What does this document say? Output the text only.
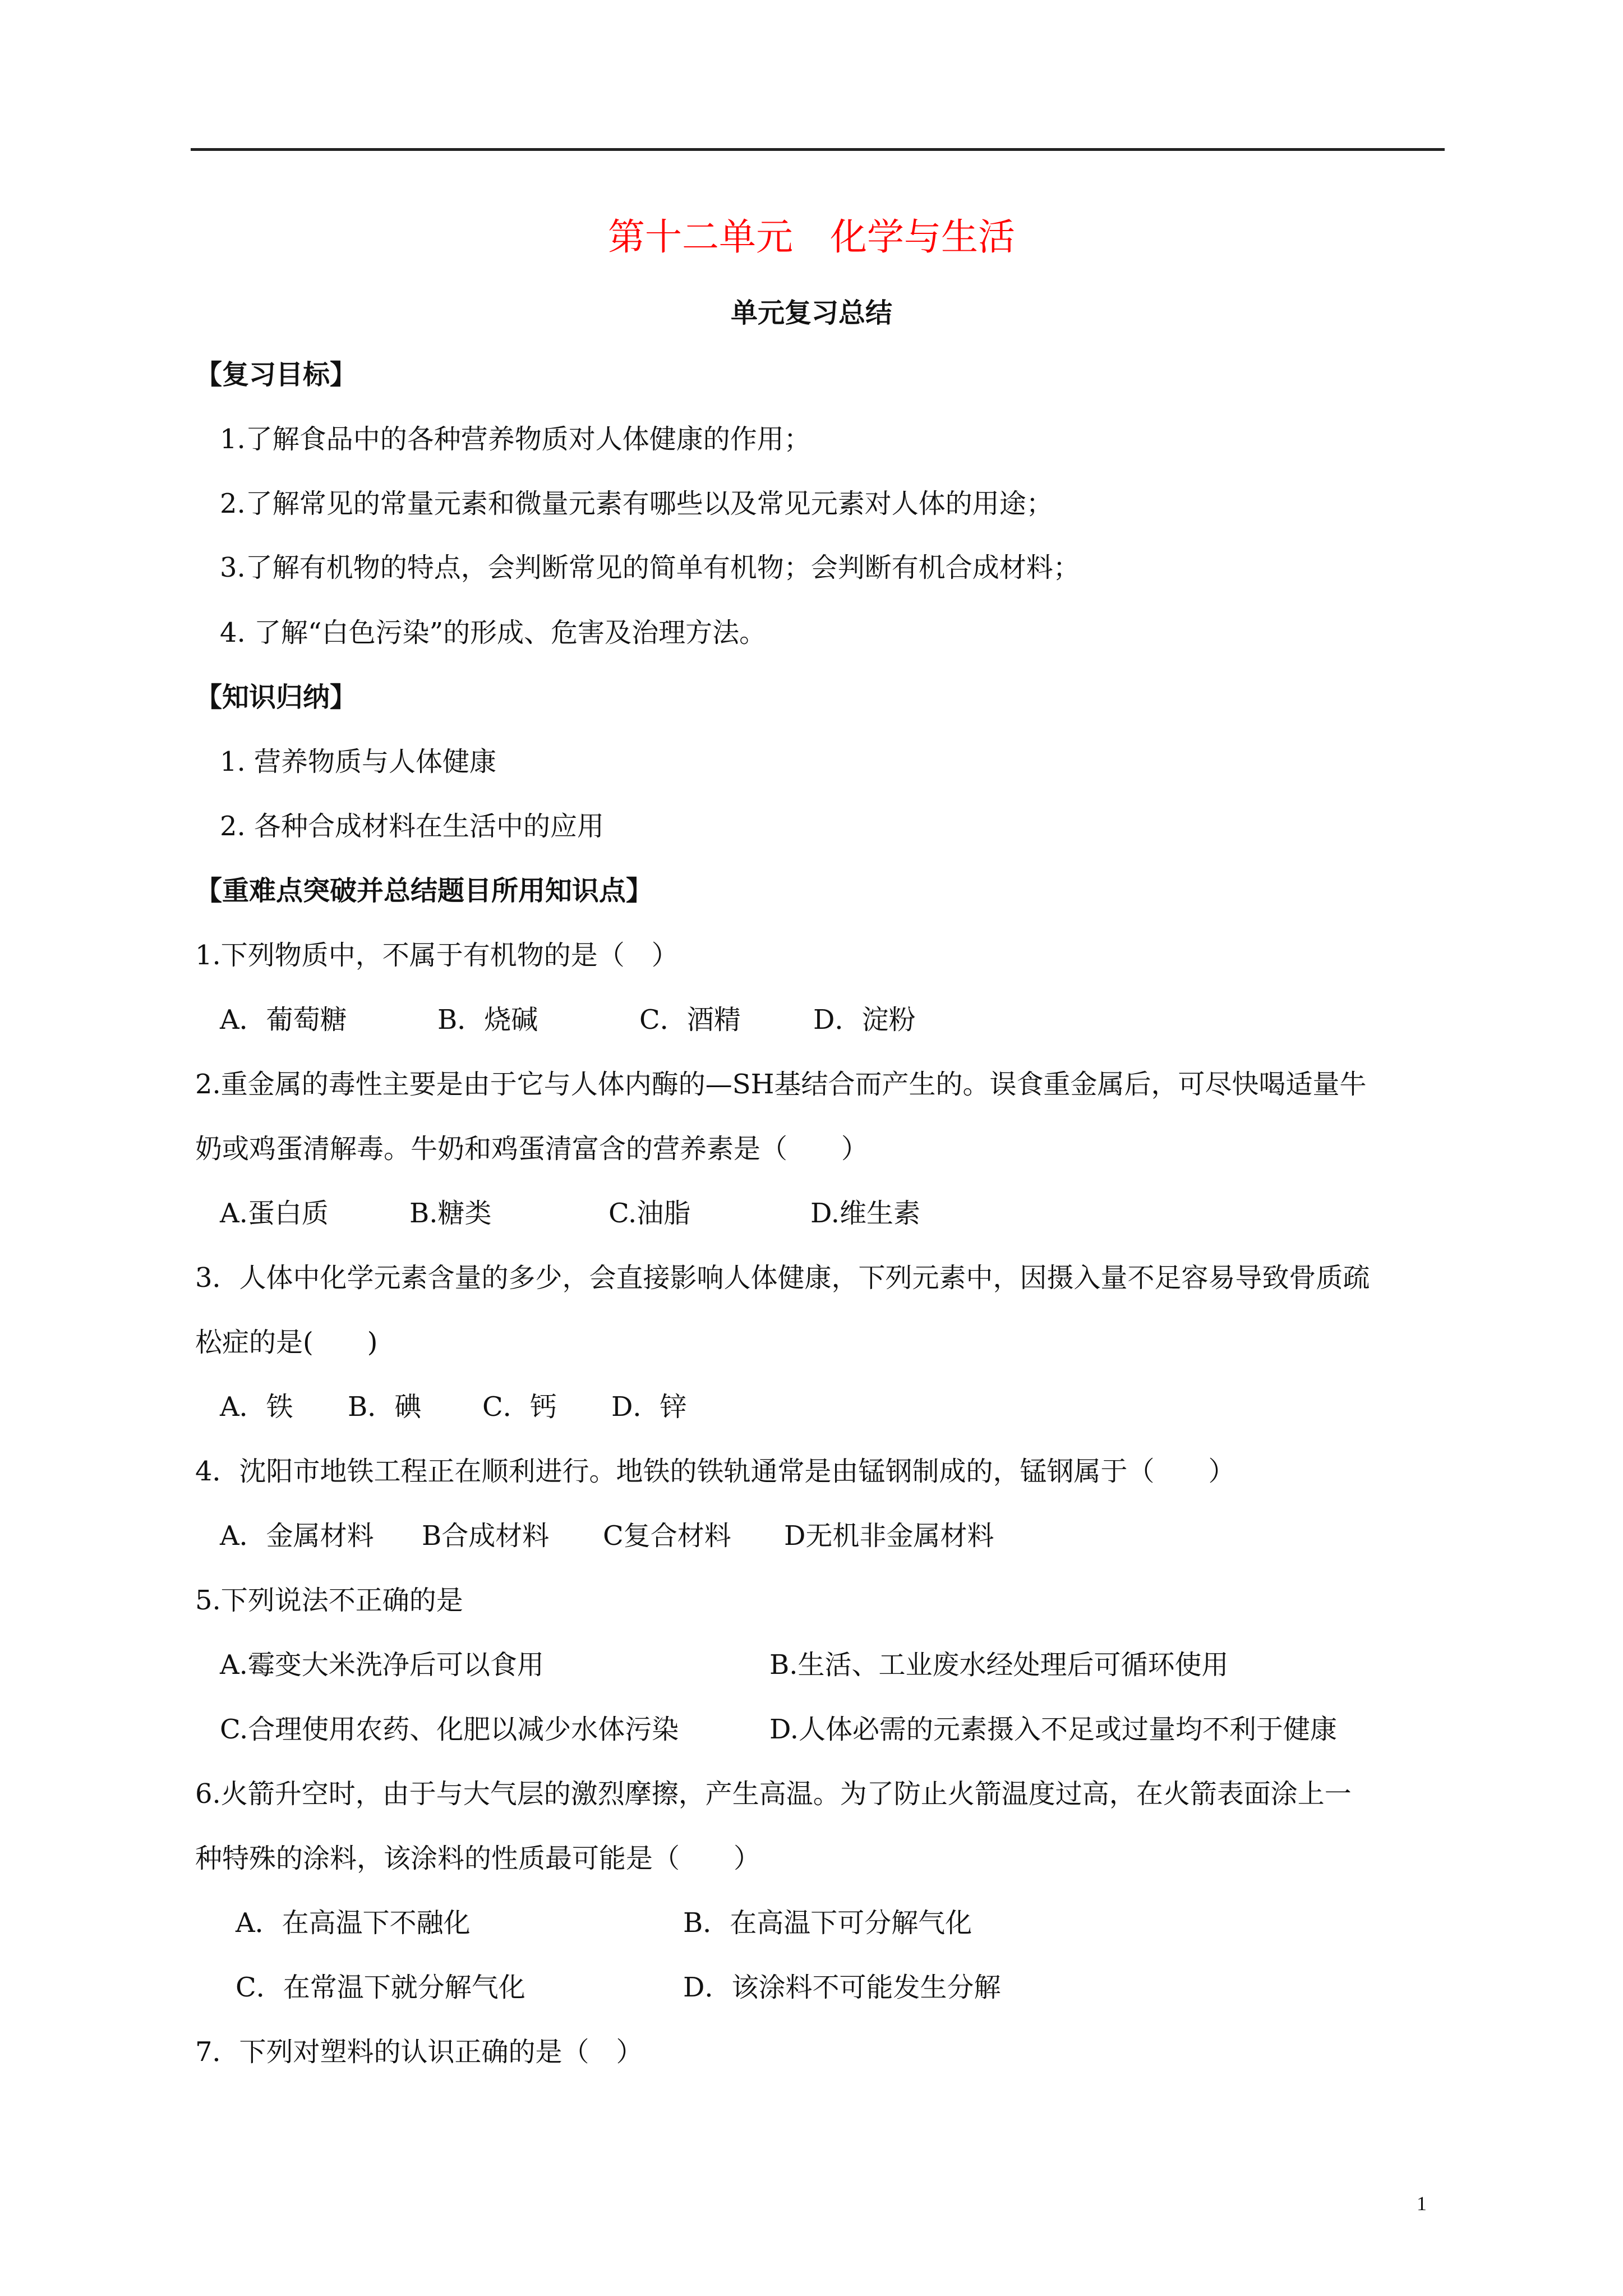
第十二单元　化学与生活
单元复习总结
【复习目标】
1.了解食品中的各种营养物质对人体健康的作用；
2.了解常见的常量元素和微量元素有哪些以及常见元素对人体的用途；
3.了解有机物的特点，会判断常见的简单有机物；会判断有机合成材料；
4. 了解“白色污染”的形成、危害及治理方法。
【知识归纳】
1. 营养物质与人体健康
2. 各种合成材料在生活中的应用
【重难点突破并总结题目所用知识点】
1.下列物质中，不属于有机物的是（　）
A．葡萄糖	B．烧碱	C．酒精	D．淀粉
2.重金属的毒性主要是由于它与人体内酶的—SH基结合而产生的。误食重金属后，可尽快喝适量牛
奶或鸡蛋清解毒。牛奶和鸡蛋清富含的营养素是（　　）
A.蛋白质	B.糖类	C.油脂	D.维生素
3．人体中化学元素含量的多少，会直接影响人体健康，下列元素中，因摄入量不足容易导致骨质疏
松症的是(　　)
A．铁 B．碘 C．钙 D．锌
4．沈阳市地铁工程正在顺利进行。地铁的铁轨通常是由锰钢制成的，锰钢属于（　　）
A．金属材料 B合成材料 C复合材料 D无机非金属材料
5.下列说法不正确的是
A.霉变大米洗净后可以食用	B.生活、工业废水经处理后可循环使用
C.合理使用农药、化肥以减少水体污染	D.人体必需的元素摄入不足或过量均不利于健康
6.火箭升空时，由于与大气层的激烈摩擦，产生高温。为了防止火箭温度过高，在火箭表面涂上一
种特殊的涂料，该涂料的性质最可能是（　　）
A．在高温下不融化	B．在高温下可分解气化
C．在常温下就分解气化	D．该涂料不可能发生分解
7．下列对塑料的认识正确的是（　）
1
